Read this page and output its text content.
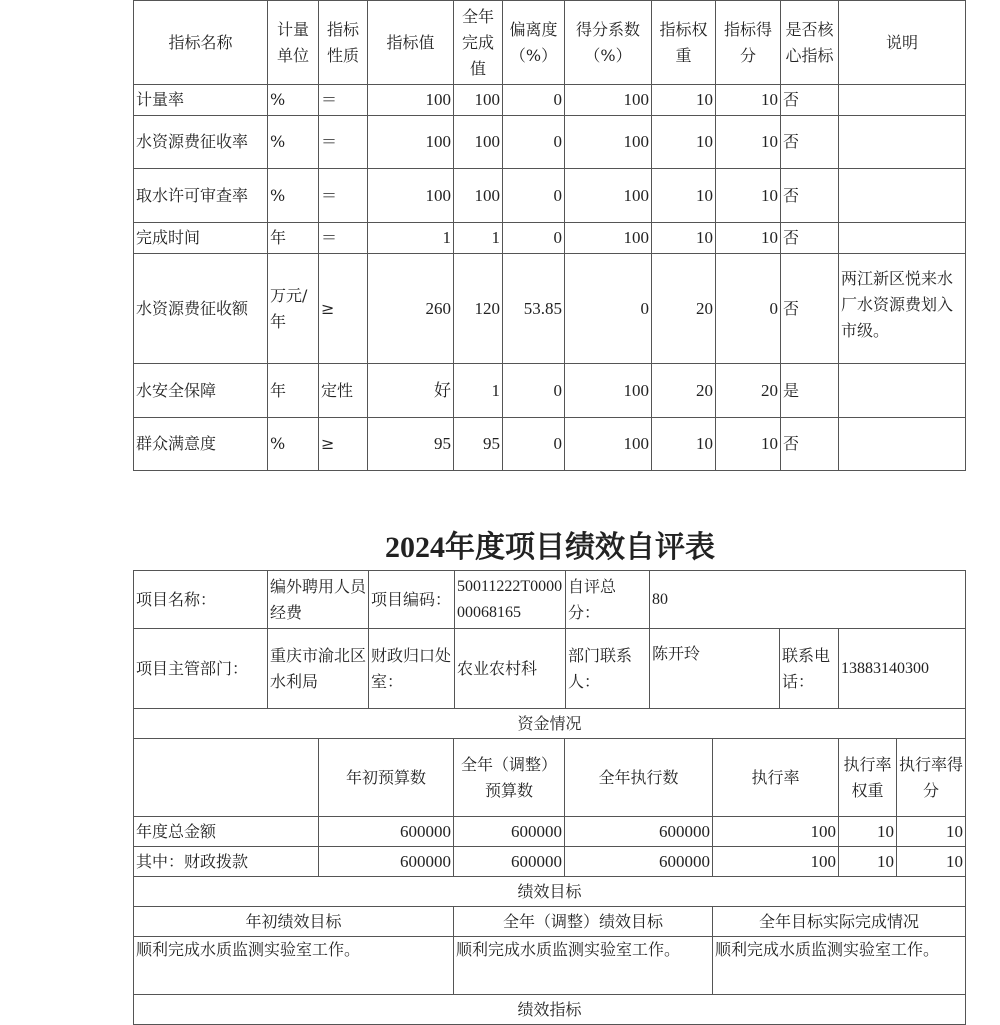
指标名称	计量单位	指标性质	指标值	全年完成值	偏离度（%）	得分系数（%）	指标权重	指标得分	是否核心指标	说明
计量率	%	＝	100	100	0	100	10	10	否	
水资源费征收率	%	＝	100	100	0	100	10	10	否	
取水许可审查率	%	＝	100	100	0	100	10	10	否	
完成时间	年	＝	1	1	0	100	10	10	否	
水资源费征收额	万元/年	≥	260	120	53.85	0	20	0	否	两江新区悦来水厂水资源费划入市级。
水安全保障	年	定性	好	1	0	100	20	20	是	
群众满意度	%	≥	95	95	0	100	10	10	否	
2024年度项目绩效自评表
项目名称：	编外聘用人员经费	项目编码：	50011222T000000068165	自评总分：	80		
项目主管部门：	重庆市渝北区水利局	财政归口处室：	农业农村科	部门联系人：	陈开玲	联系电话：	13883140300
资金情况						
	年初预算数	全年（调整）预算数	全年执行数	执行率	执行率权重	执行率得分
年度总金额	600000	600000	600000	100	10	10
其中：财政拨款	600000	600000	600000	100	10	10
绩效目标						
年初绩效目标		全年（调整）绩效目标		全年目标实际完成情况		
顺利完成水质监测实验室工作。		顺利完成水质监测实验室工作。		顺利完成水质监测实验室工作。		
绩效指标						
